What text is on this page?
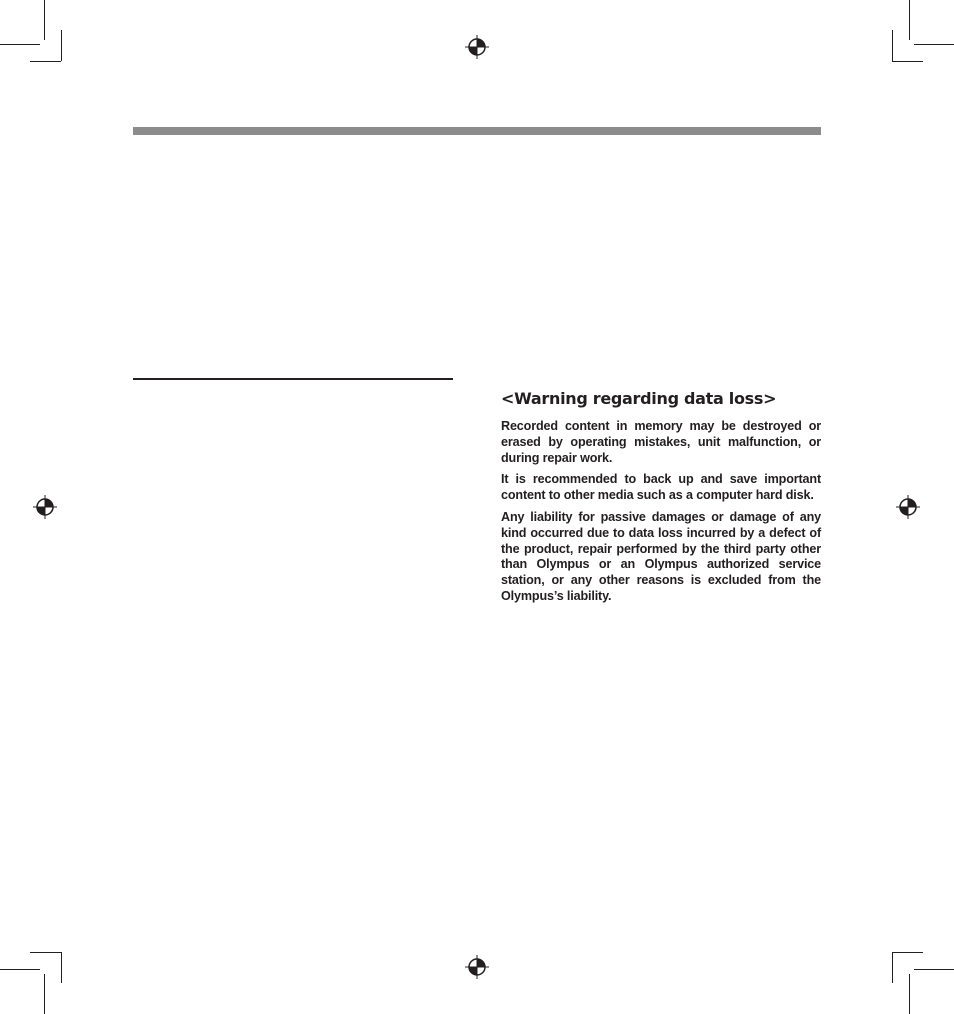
<Warning regarding data loss>

Recorded content in memory may be destroyed or erased by operating mistakes, unit malfunction, or during repair work.

It is recommended to back up and save important content to other media such as a computer hard disk.

Any liability for passive damages or damage of any kind occurred due to data loss incurred by a defect of the product, repair performed by the third party other than Olympus or an Olympus authorized service station, or any other reasons is excluded from the Olympus’s liability.
